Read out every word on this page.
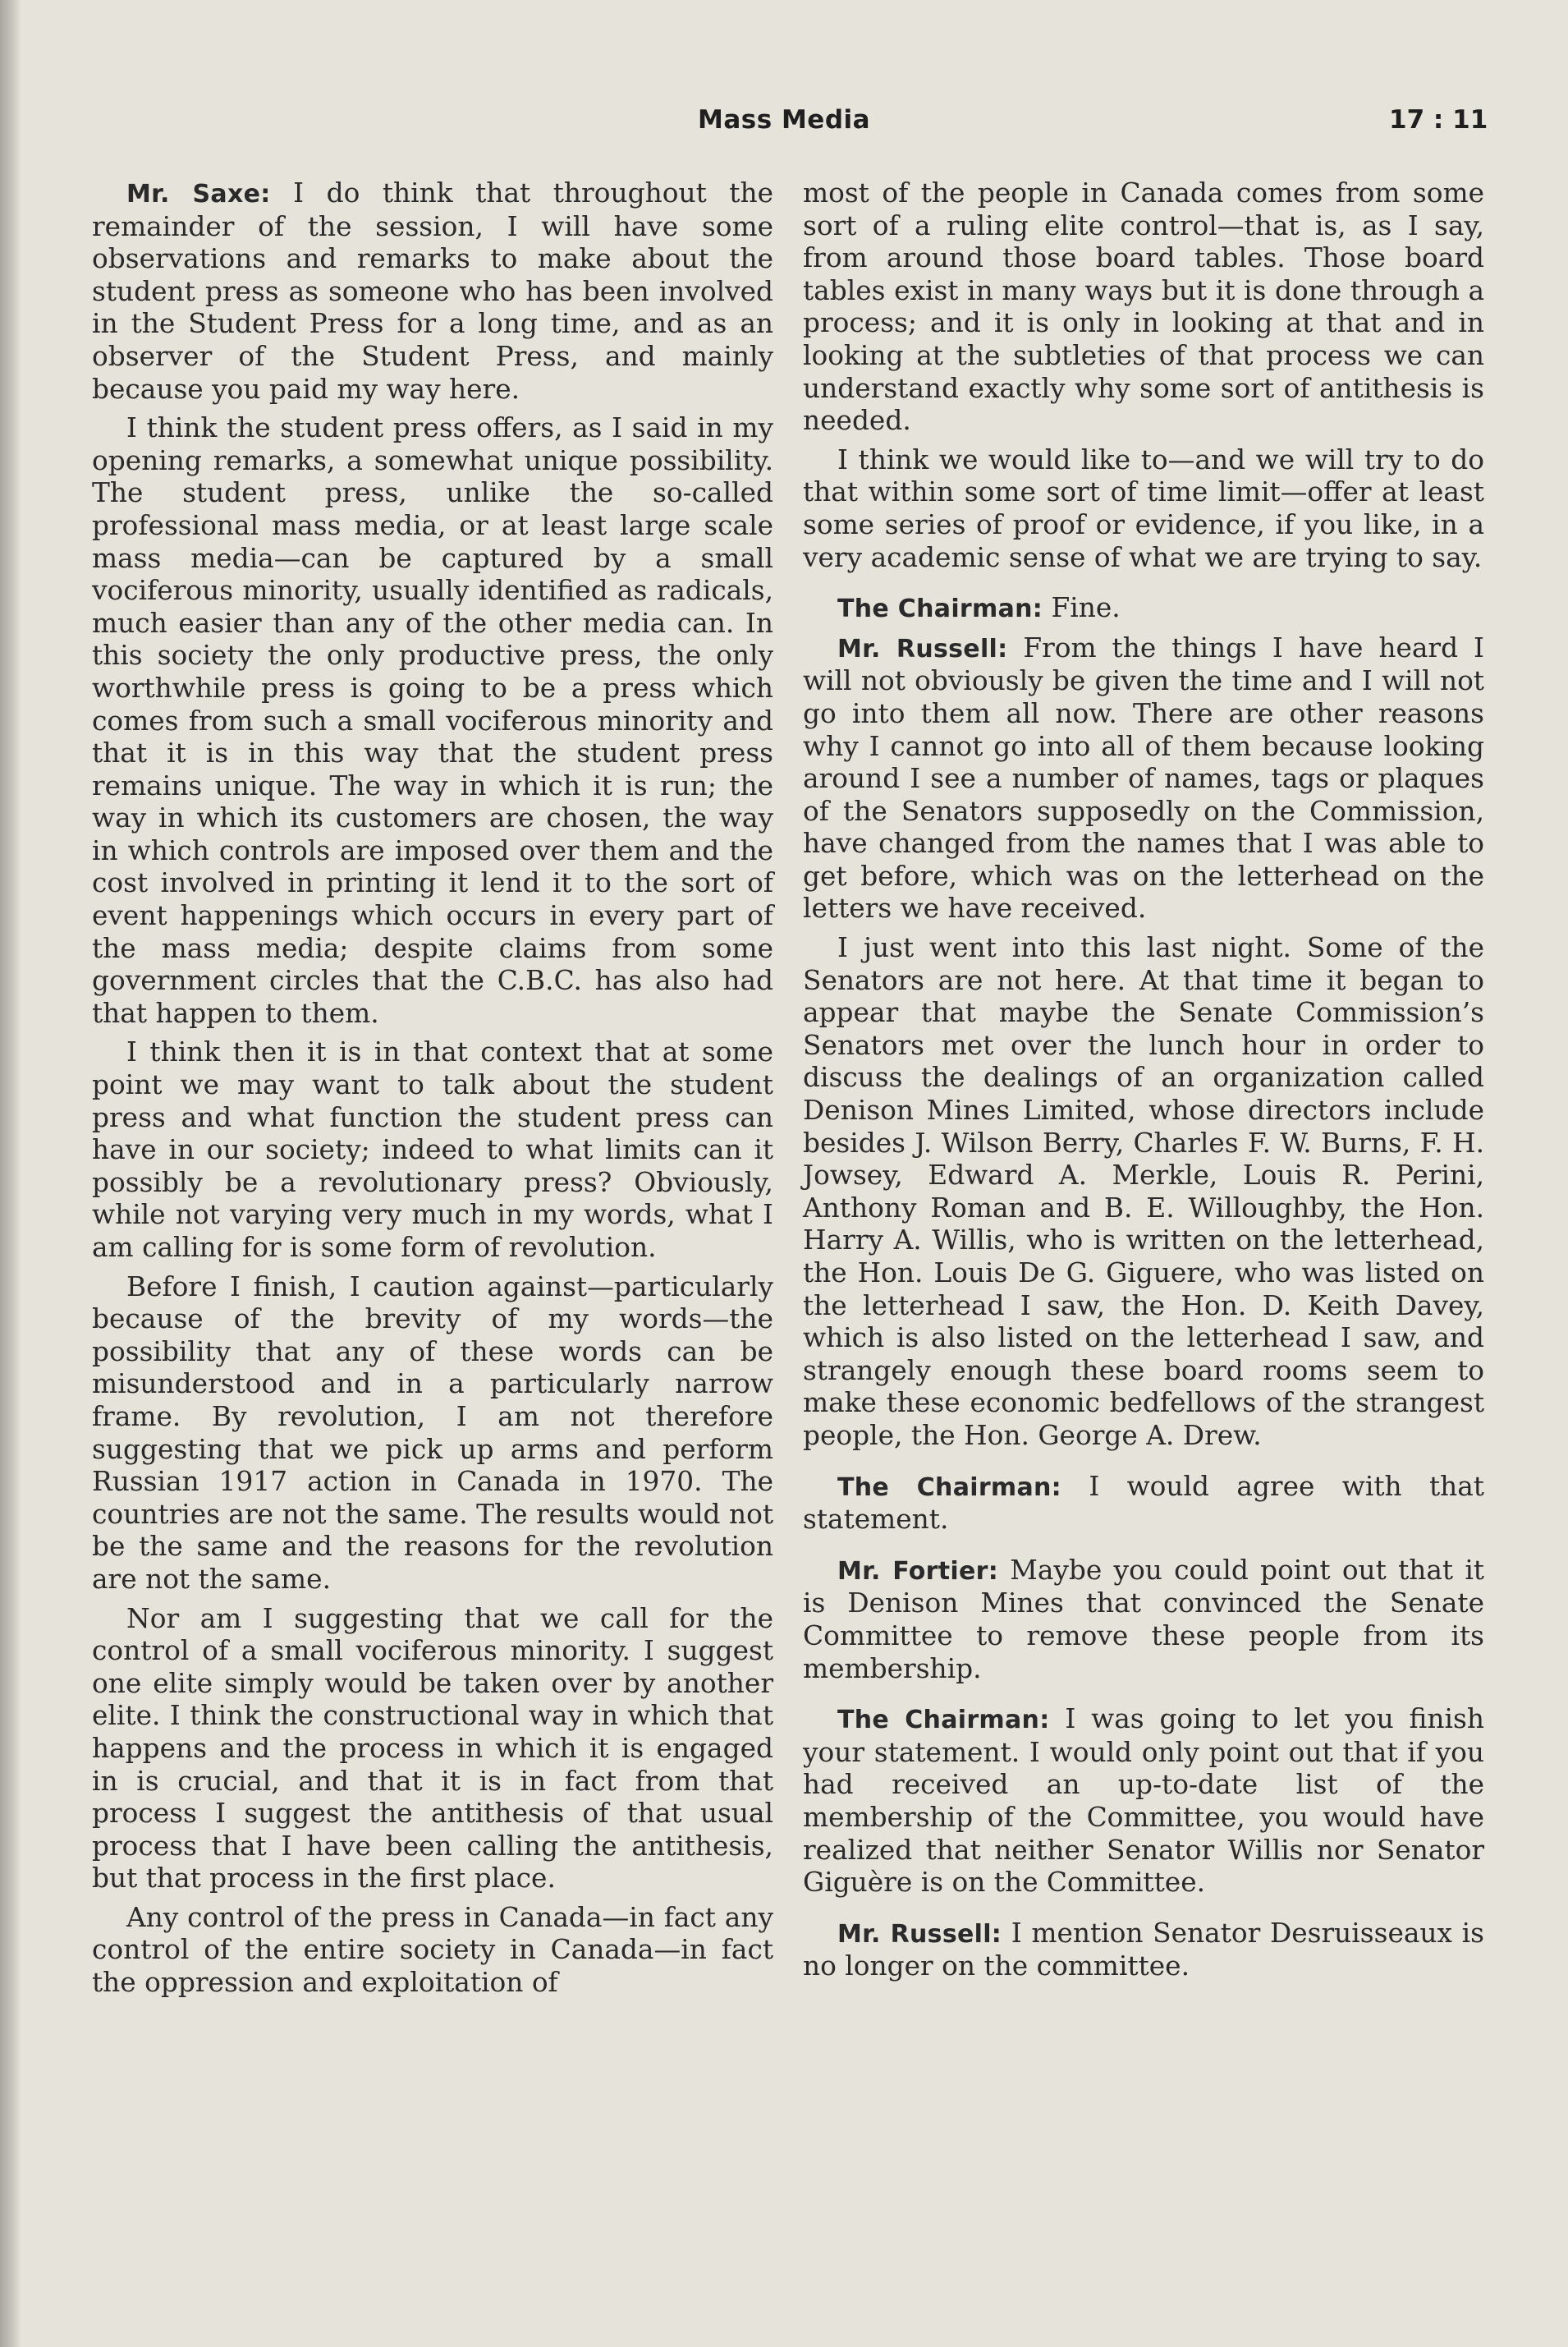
Mass Media	17 : 11

Mr. Saxe: I do think that throughout the remainder of the session, I will have some observations and remarks to make about the student press as someone who has been involved in the Student Press for a long time, and as an observer of the Student Press, and mainly because you paid my way here.

I think the student press offers, as I said in my opening remarks, a somewhat unique possibility. The student press, unlike the so-called professional mass media, or at least large scale mass media—can be captured by a small vociferous minority, usually identified as radicals, much easier than any of the other media can. In this society the only productive press, the only worthwhile press is going to be a press which comes from such a small vociferous minority and that it is in this way that the student press remains unique. The way in which it is run; the way in which its customers are chosen, the way in which controls are imposed over them and the cost involved in printing it lend it to the sort of event happenings which occurs in every part of the mass media; despite claims from some government circles that the C.B.C. has also had that happen to them.

I think then it is in that context that at some point we may want to talk about the student press and what function the student press can have in our society; indeed to what limits can it possibly be a revolutionary press? Obviously, while not varying very much in my words, what I am calling for is some form of revolution.

Before I finish, I caution against—particularly because of the brevity of my words—the possibility that any of these words can be misunderstood and in a particularly narrow frame. By revolution, I am not therefore suggesting that we pick up arms and perform Russian 1917 action in Canada in 1970. The countries are not the same. The results would not be the same and the reasons for the revolution are not the same.

Nor am I suggesting that we call for the control of a small vociferous minority. I suggest one elite simply would be taken over by another elite. I think the constructional way in which that happens and the process in which it is engaged in is crucial, and that it is in fact from that process I suggest the antithesis of that usual process that I have been calling the antithesis, but that process in the first place.

Any control of the press in Canada—in fact any control of the entire society in Canada—in fact the oppression and exploitation of

most of the people in Canada comes from some sort of a ruling elite control—that is, as I say, from around those board tables. Those board tables exist in many ways but it is done through a process; and it is only in looking at that and in looking at the subtleties of that process we can understand exactly why some sort of antithesis is needed.

I think we would like to—and we will try to do that within some sort of time limit—offer at least some series of proof or evidence, if you like, in a very academic sense of what we are trying to say.

The Chairman: Fine.

Mr. Russell: From the things I have heard I will not obviously be given the time and I will not go into them all now. There are other reasons why I cannot go into all of them because looking around I see a number of names, tags or plaques of the Senators supposedly on the Commission, have changed from the names that I was able to get before, which was on the letterhead on the letters we have received.

I just went into this last night. Some of the Senators are not here. At that time it began to appear that maybe the Senate Commission’s Senators met over the lunch hour in order to discuss the dealings of an organization called Denison Mines Limited, whose directors include besides J. Wilson Berry, Charles F. W. Burns, F. H. Jowsey, Edward A. Merkle, Louis R. Perini, Anthony Roman and B. E. Willoughby, the Hon. Harry A. Willis, who is written on the letterhead, the Hon. Louis De G. Giguere, who was listed on the letterhead I saw, the Hon. D. Keith Davey, which is also listed on the letterhead I saw, and strangely enough these board rooms seem to make these economic bedfellows of the strangest people, the Hon. George A. Drew.

The Chairman: I would agree with that statement.

Mr. Fortier: Maybe you could point out that it is Denison Mines that convinced the Senate Committee to remove these people from its membership.

The Chairman: I was going to let you finish your statement. I would only point out that if you had received an up-to-date list of the membership of the Committee, you would have realized that neither Senator Willis nor Senator Giguère is on the Committee.

Mr. Russell: I mention Senator Desruisseaux is no longer on the committee.
